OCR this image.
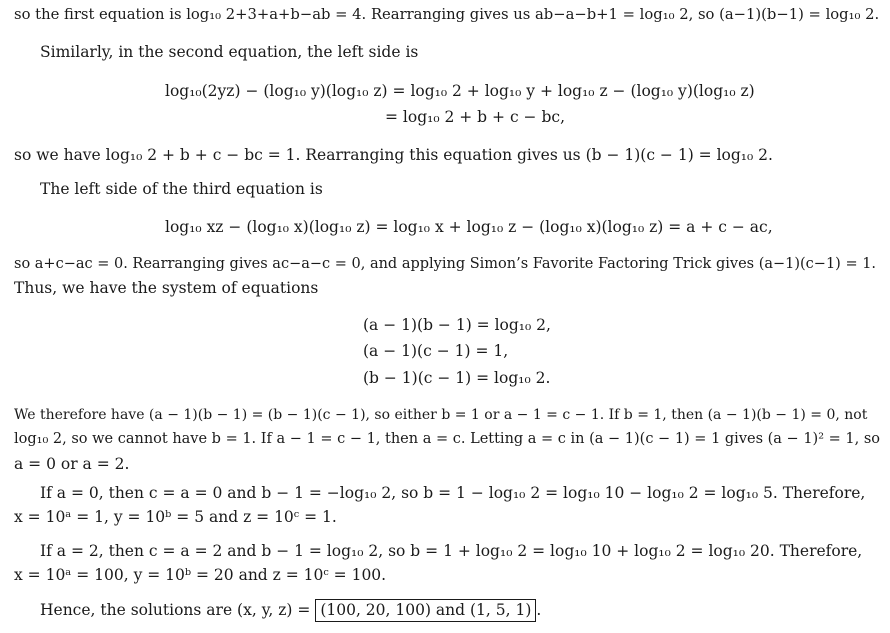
so the first equation is log₁₀ 2+3+a+b−ab = 4. Rearranging gives us ab−a−b+1 = log₁₀ 2, so (a−1)(b−1) = log₁₀ 2.
Similarly, in the second equation, the left side is
log₁₀(2yz) − (log₁₀ y)(log₁₀ z) = log₁₀ 2 + log₁₀ y + log₁₀ z − (log₁₀ y)(log₁₀ z)
= log₁₀ 2 + b + c − bc,
so we have log₁₀ 2 + b + c − bc = 1. Rearranging this equation gives us (b − 1)(c − 1) = log₁₀ 2.
The left side of the third equation is
log₁₀ xz − (log₁₀ x)(log₁₀ z) = log₁₀ x + log₁₀ z − (log₁₀ x)(log₁₀ z) = a + c − ac,
so a+c−ac = 0. Rearranging gives ac−a−c = 0, and applying Simon’s Favorite Factoring Trick gives (a−1)(c−1) = 1.
Thus, we have the system of equations
(a − 1)(b − 1) = log₁₀ 2,
(a − 1)(c − 1) = 1,
(b − 1)(c − 1) = log₁₀ 2.
We therefore have (a − 1)(b − 1) = (b − 1)(c − 1), so either b = 1 or a − 1 = c − 1. If b = 1, then (a − 1)(b − 1) = 0, not
log₁₀ 2, so we cannot have b = 1. If a − 1 = c − 1, then a = c. Letting a = c in (a − 1)(c − 1) = 1 gives (a − 1)² = 1, so
a = 0 or a = 2.
If a = 0, then c = a = 0 and b − 1 = −log₁₀ 2, so b = 1 − log₁₀ 2 = log₁₀ 10 − log₁₀ 2 = log₁₀ 5. Therefore,
x = 10ᵃ = 1, y = 10ᵇ = 5 and z = 10ᶜ = 1.
If a = 2, then c = a = 2 and b − 1 = log₁₀ 2, so b = 1 + log₁₀ 2 = log₁₀ 10 + log₁₀ 2 = log₁₀ 20. Therefore,
x = 10ᵃ = 100, y = 10ᵇ = 20 and z = 10ᶜ = 100.
Hence, the solutions are (x, y, z) = (100, 20, 100) and (1, 5, 1) .
